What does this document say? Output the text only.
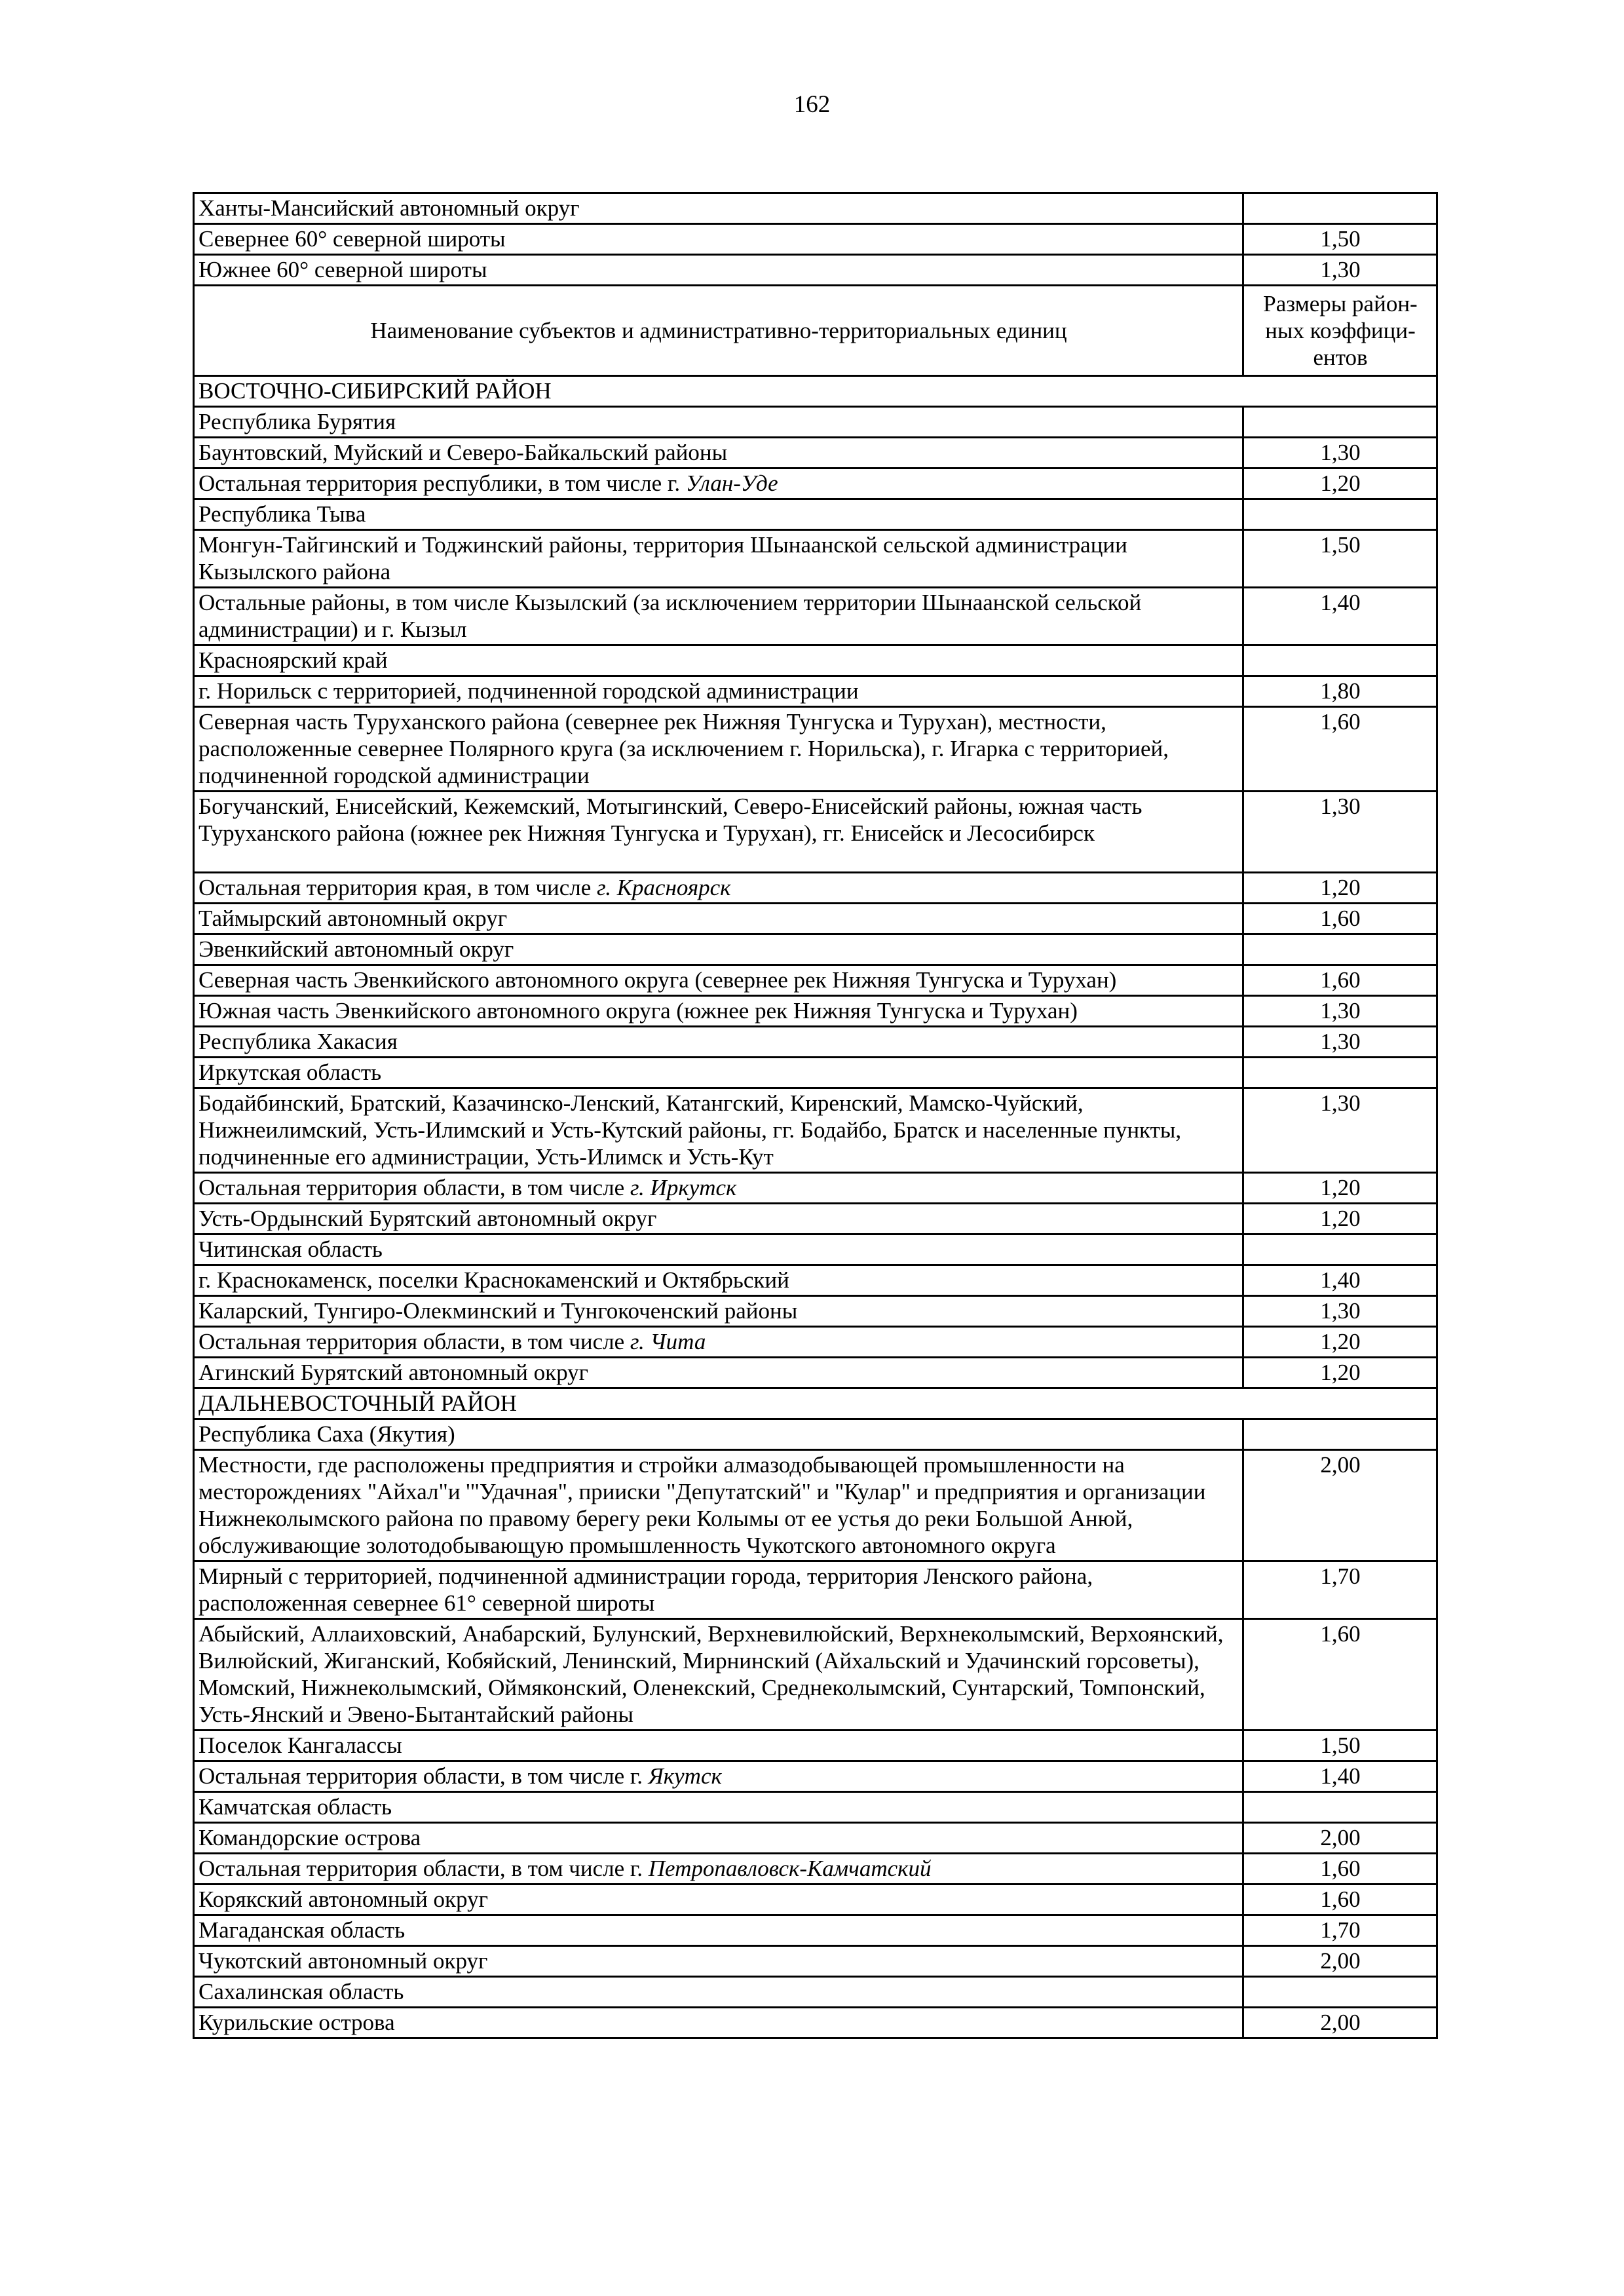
162
Ханты-Мансийский автономный округ	
Севернее 60° северной широты	1,50
Южнее 60° северной широты	1,30
Наименование субъектов и административно-территориальных единиц	Размеры район-ных коэффици-ентов
ВОСТОЧНО-СИБИРСКИЙ РАЙОН	
Республика Бурятия	
Баунтовский, Муйский и Северо-Байкальский районы	1,30
Остальная территория республики, в том числе г. Улан-Уде	1,20
Республика Тыва	
Монгун-Тайгинский и Тоджинский районы, территория Шынаанской сельской администрации Кызылского района	1,50
Остальные районы, в том числе Кызылский (за исключением территории Шынаанской сельской администрации) и г. Кызыл	1,40
Красноярский край	
г. Норильск с территорией, подчиненной городской администрации	1,80
Северная часть Туруханского района (севернее рек Нижняя Тунгуска и Турухан), местности, расположенные севернее Полярного круга (за исключением г. Норильска), г. Игарка с территорией, подчиненной городской администрации	1,60
Богучанский, Енисейский, Кежемский, Мотыгинский, Северо-Енисейский районы, южная часть Туруханского района (южнее рек Нижняя Тунгуска и Турухан), гг. Енисейск и Лесосибирск	1,30
Остальная территория края, в том числе г. Красноярск	1,20
Таймырский автономный округ	1,60
Эвенкийский автономный округ	
Северная часть Эвенкийского автономного округа (севернее рек Нижняя Тунгуска и Турухан)	1,60
Южная часть Эвенкийского автономного округа (южнее рек Нижняя Тунгуска и Турухан)	1,30
Республика Хакасия	1,30
Иркутская область	
Бодайбинский, Братский, Казачинско-Ленский, Катангский, Киренский, Мамско-Чуйский, Нижнеилимский, Усть-Илимский и Усть-Кутский районы, гг. Бодайбо, Братск и населенные пункты, подчиненные его администрации, Усть-Илимск и Усть-Кут	1,30
Остальная территория области, в том числе г. Иркутск	1,20
Усть-Ордынский Бурятский автономный округ	1,20
Читинская область	
г. Краснокаменск, поселки Краснокаменский и Октябрьский	1,40
Каларский, Тунгиро-Олекминский и Тунгокоченский районы	1,30
Остальная территория области, в том числе г. Чита	1,20
Агинский Бурятский автономный округ	1,20
ДАЛЬНЕВОСТОЧНЫЙ РАЙОН	
Республика Саха (Якутия)	
Местности, где расположены предприятия и стройки алмазодобывающей промышленности на месторождениях "Айхал"и '"Удачная", прииски "Депутатский" и "Кулар" и предприятия и организации Нижнеколымского района по правому берегу реки Колымы от ее устья до реки Большой Анюй, обслуживающие золотодобывающую промышленность Чукотского автономного округа	2,00
Мирный с территорией, подчиненной администрации города, территория Ленского района, расположенная севернее 61° северной широты	1,70
Абыйский, Аллаиховский, Анабарский, Булунский, Верхневилюйский, Верхнеколымский, Верхоянский, Вилюйский, Жиганский, Кобяйский, Ленинский, Мирнинский (Айхальский и Удачинский горсоветы), Момский, Нижнеколымский, Оймяконский, Оленекский, Среднеколымский, Сунтарский, Томпонский, Усть-Янский и Эвено-Бытантайский районы	1,60
Поселок Кангалассы	1,50
Остальная территория области, в том числе г. Якутск	1,40
Камчатская область	
Командорские острова	2,00
Остальная территория области, в том числе г. Петропавловск-Камчатский	1,60
Корякский автономный округ	1,60
Магаданская область	1,70
Чукотский автономный округ	2,00
Сахалинская область	
Курильские острова	2,00
